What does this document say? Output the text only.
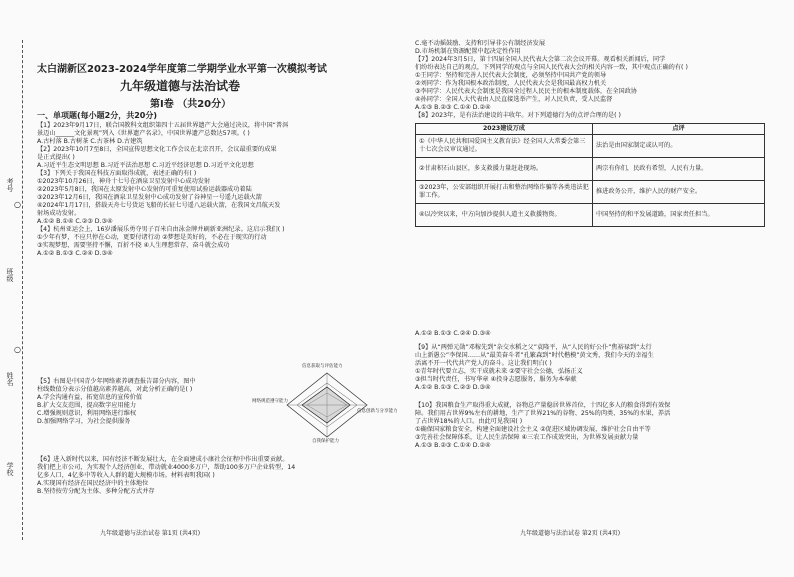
考号
班级
姓名
学校
○
○
太白湖新区2023-2024学年度第二学期学业水平第一次模拟考试
九年级道德与法治试卷
第Ⅰ卷 （共20分）
一、单项题(每小题2分，共20分)
【1】2023年9月17日，联合国教科文组织第四十五届世界遗产大会通过决议，将中国“普洱
景迈山______文化景观”列入《世界遗产名录》，中国世界遗产总数达57项。( )
A.古村落 B.古树茶 C.古茶林 D.古建筑
【2】2023年10月7至8日，全国宣传思想文化工作会议在北京召开，会议最重要的成果
是正式提出( )
A.习近平生态文明思想 B.习近平法治思想 C.习近平经济思想 D.习近平文化思想
【3】下列关于我国在科技方面取得成就，表述正确的有( )
①2023年10月26日，神舟十七号在酒泉卫星发射中心成功发射
②2023年5月8日，我国在太原发射中心发射的可重复使用试验运载器成功着陆
③2023年12月6日，我国在酒泉卫星发射中心成功发射了谷神星一号遥九运载火箭
④2024年1月17日，搭载天舟七号货运飞船的长征七号遥八运载火箭，在我国文昌航天发
射场成功发射。
A.①② B.①④ C.②③ D.③④
【4】杭州亚运会上，16岁潘展乐勇夺男子百米自由泳金牌并刷新亚洲纪录。这启示我们( )
①少年有梦，不应只停在心动，更要付诸行动 ②梦想是美好的，不必在于现实的行动
③实现梦想，需要坚持不懈，百折不挠 ④人生理想常存，奋斗就会成功
A.①② B.①③ C.②④ D.③④
【5】右图是中国青少年网络素养调查报告部分内容，图中
柱线数值分表示分值越高素养越高，对此分析正确的是( )
A.学会沟通有益，拓宽信息的宣传价值
B.扩大交友范围，提高数字应用能力
C.增强规则意识，利用网络进行维权
D.加强网络学习，为社会提供服务
信息获取与评估能力
网络规范遵守能力
信息创新与分享能力
自我保护能力
【6】进入新时代以来，国有经济不断发展壮大，在全面建成小康社会征程中作出重要贡献。
我们把上市公司，为实现个人经济创业、带动就业4000多万户，帮助100多万户企业转型，14
亿多人口，4亿多中等收入人群的超大规模市场。材料表明我国( )
A.实现国有经济在国民经济中的主体地位
B.坚持按劳分配为主体、多种分配方式并存
九年级道德与法治试卷 第1页 (共4页)
C.毫不动摇鼓励、支持和引导非公有制经济发展
D.市场机制在资源配置中起决定性作用
【7】2024年3月5日，第十四届全国人民代表大会第二次会议开幕。观看相关新闻后，同学
们纷纷表达自己的观点，下列同学的观点与全国人民代表大会的相关内容一致，其中观点正确的有( )
①王同学：坚持和完善人民代表大会制度，必须坚持中国共产党的领导
②刘同学：作为我国根本政治制度，人民代表大会是我国最高权力机关
③李同学：人民代表大会制度是我国全过程人民民主的根本制度载体，在全国政协
④孙同学：全国人大代表由人民直接选举产生，对人民负责，受人民监督
A.①③ B.②③ C.①④ D.②④
【8】2023年，是有法治建设的丰收年。对下列道德行为的点评合理的是( )
2023建设万成	点评
①《中华人民共和国爱国主义教育法》经全国人大常委会第三十七次会议审议通过。	法治是由国家制定或认可的。
②甘肃积石山县区，多支救援力量赶赴现场。	两宗有你们，民政有希望，人民有力量。
③2023年，公安部组织开展打击和整治网络诈骗等各类违法犯罪工作。	推进政务公开，维护人民的财产安全。
④以冷突以来，中方向加沙提供人道主义救援物资。	中国坚持的和平发展道路，国家责任担当。
A.①② B.①③ C.②④ D.③④
【9】从“两弹元勋”邓稼先到“杂交水稻之父”袁隆平，从“人民的好公仆”焦裕禄到“太行
山上新愚公”李保国……从“最美奋斗者”孔繁森到“时代楷模”黄文秀，我们今天的幸福生
活离不开一代代共产党人的奋斗。这让我们明白( )
①青年时代要立志，实干成就未来 ②要守社会公德，弘扬正义
③担当时代责任，书写华章 ④投身志愿服务，服务为本奉献
A.①② B.①③ C.②③ D.③④
【10】我国粮食生产取得重大成就，谷物总产量稳居世界首位，十四亿多人的粮食得到有效保
障。我们用占世界9%左右的耕地，生产了世界21%的谷物、25%的肉类、35%的水果，养活
了占世界18%的人口。由此可见我国( )
①确保国家粮食安全，构建全面建设社会主义 ②促进区域协调发展，维护社会自由平等
③完善社会保障体系，让人民生活保障 ④三农工作成效突出，为世界发展贡献力量
A.①③ B.②③ C.①④ D.②④
九年级道德与法治试卷 第2页 (共4页)
